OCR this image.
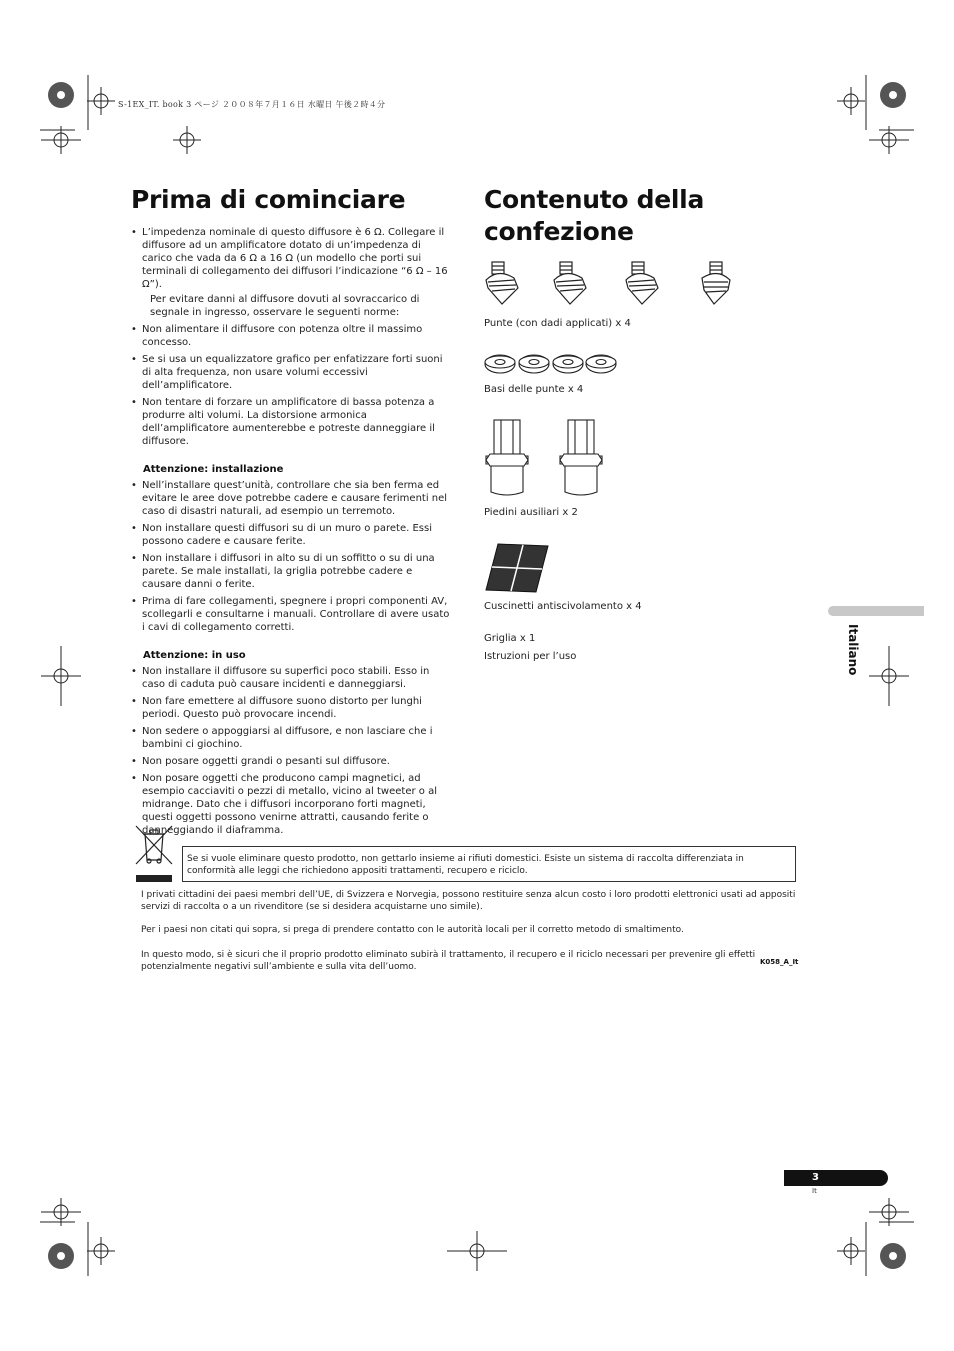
S-1EX_IT. book 3 ページ ２００８年７月１６日 水曜日 午後２時４分
Prima di cominciare
• L’impedenza nominale di questo diffusore è 6 Ω. Collegare il diffusore ad un amplificatore dotato di un’impedenza di carico che vada da 6 Ω a 16 Ω (un modello che porti sui terminali di collegamento dei diffusori l’indicazione “6 Ω – 16 Ω”).
Per evitare danni al diffusore dovuti al sovraccarico di segnale in ingresso, osservare le seguenti norme:
• Non alimentare il diffusore con potenza oltre il massimo concesso.
• Se si usa un equalizzatore grafico per enfatizzare forti suoni di alta frequenza, non usare volumi eccessivi dell’amplificatore.
• Non tentare di forzare un amplificatore di bassa potenza a produrre alti volumi. La distorsione armonica dell’amplificatore aumenterebbe e potreste danneggiare il diffusore.
Attenzione: installazione
• Nell’installare quest’unità, controllare che sia ben ferma ed evitare le aree dove potrebbe cadere e causare ferimenti nel caso di disastri naturali, ad esempio un terremoto.
• Non installare questi diffusori su di un muro o parete. Essi possono cadere e causare ferite.
• Non installare i diffusori in alto su di un soffitto o su di una parete. Se male installati, la griglia potrebbe cadere e causare danni o ferite.
• Prima di fare collegamenti, spegnere i propri componenti AV, scollegarli e consultarne i manuali. Controllare di avere usato i cavi di collegamento corretti.
Attenzione: in uso
• Non installare il diffusore su superfici poco stabili. Esso in caso di caduta può causare incidenti e danneggiarsi.
• Non fare emettere al diffusore suono distorto per lunghi periodi. Questo può provocare incendi.
• Non sedere o appoggiarsi al diffusore, e non lasciare che i bambini ci giochino.
• Non posare oggetti grandi o pesanti sul diffusore.
• Non posare oggetti che producono campi magnetici, ad esempio cacciaviti o pezzi di metallo, vicino al tweeter o al midrange. Dato che i diffusori incorporano forti magneti, questi oggetti possono venirne attratti, causando ferite o danneggiando il diaframma.
Contenuto della confezione
Punte (con dadi applicati) x 4
Basi delle punte x 4
Piedini ausiliari x 2
Cuscinetti antiscivolamento x 4
Griglia x 1
Istruzioni per l’uso	Italiano
Se si vuole eliminare questo prodotto, non gettarlo insieme ai rifiuti domestici. Esiste un sistema di raccolta differenziata in conformità alle leggi che richiedono appositi trattamenti, recupero e riciclo.
I privati cittadini dei paesi membri dell’UE, di Svizzera e Norvegia, possono restituire senza alcun costo i loro prodotti elettronici usati ad appositi servizi di raccolta o a un rivenditore (se si desidera acquistarne uno simile).
Per i paesi non citati qui sopra, si prega di prendere contatto con le autorità locali per il corretto metodo di smaltimento.
In questo modo, si è sicuri che il proprio prodotto eliminato subirà il trattamento, il recupero e il riciclo necessari per prevenire gli effetti potenzialmente negativi sull’ambiente e sulla vita dell’uomo.	K058_A_It
3
It
